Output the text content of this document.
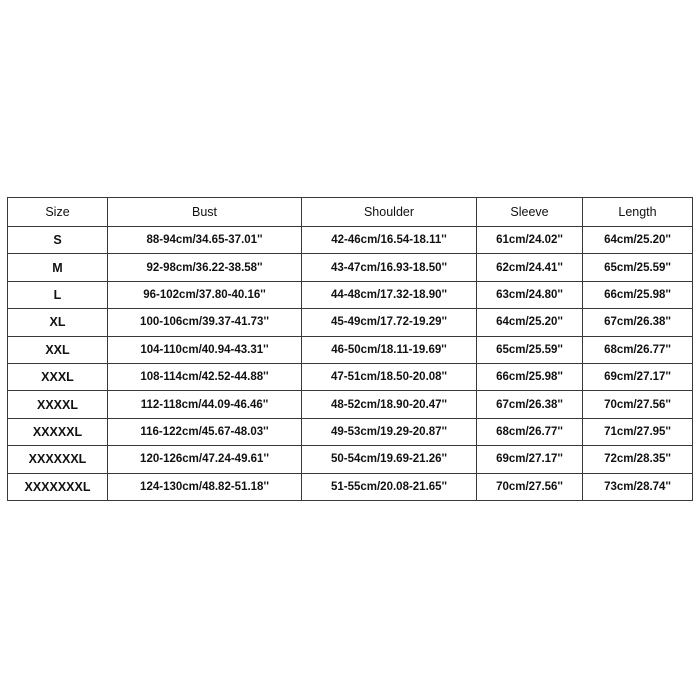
Size	Bust	Shoulder	Sleeve	Length
S	88-94cm/34.65-37.01''	42-46cm/16.54-18.11''	61cm/24.02''	64cm/25.20''
M	92-98cm/36.22-38.58''	43-47cm/16.93-18.50''	62cm/24.41''	65cm/25.59''
L	96-102cm/37.80-40.16''	44-48cm/17.32-18.90''	63cm/24.80''	66cm/25.98''
XL	100-106cm/39.37-41.73''	45-49cm/17.72-19.29''	64cm/25.20''	67cm/26.38''
XXL	104-110cm/40.94-43.31''	46-50cm/18.11-19.69''	65cm/25.59''	68cm/26.77''
XXXL	108-114cm/42.52-44.88''	47-51cm/18.50-20.08''	66cm/25.98''	69cm/27.17''
XXXXL	112-118cm/44.09-46.46''	48-52cm/18.90-20.47''	67cm/26.38''	70cm/27.56''
XXXXXL	116-122cm/45.67-48.03''	49-53cm/19.29-20.87''	68cm/26.77''	71cm/27.95''
XXXXXXL	120-126cm/47.24-49.61''	50-54cm/19.69-21.26''	69cm/27.17''	72cm/28.35''
XXXXXXXL	124-130cm/48.82-51.18''	51-55cm/20.08-21.65''	70cm/27.56''	73cm/28.74''
